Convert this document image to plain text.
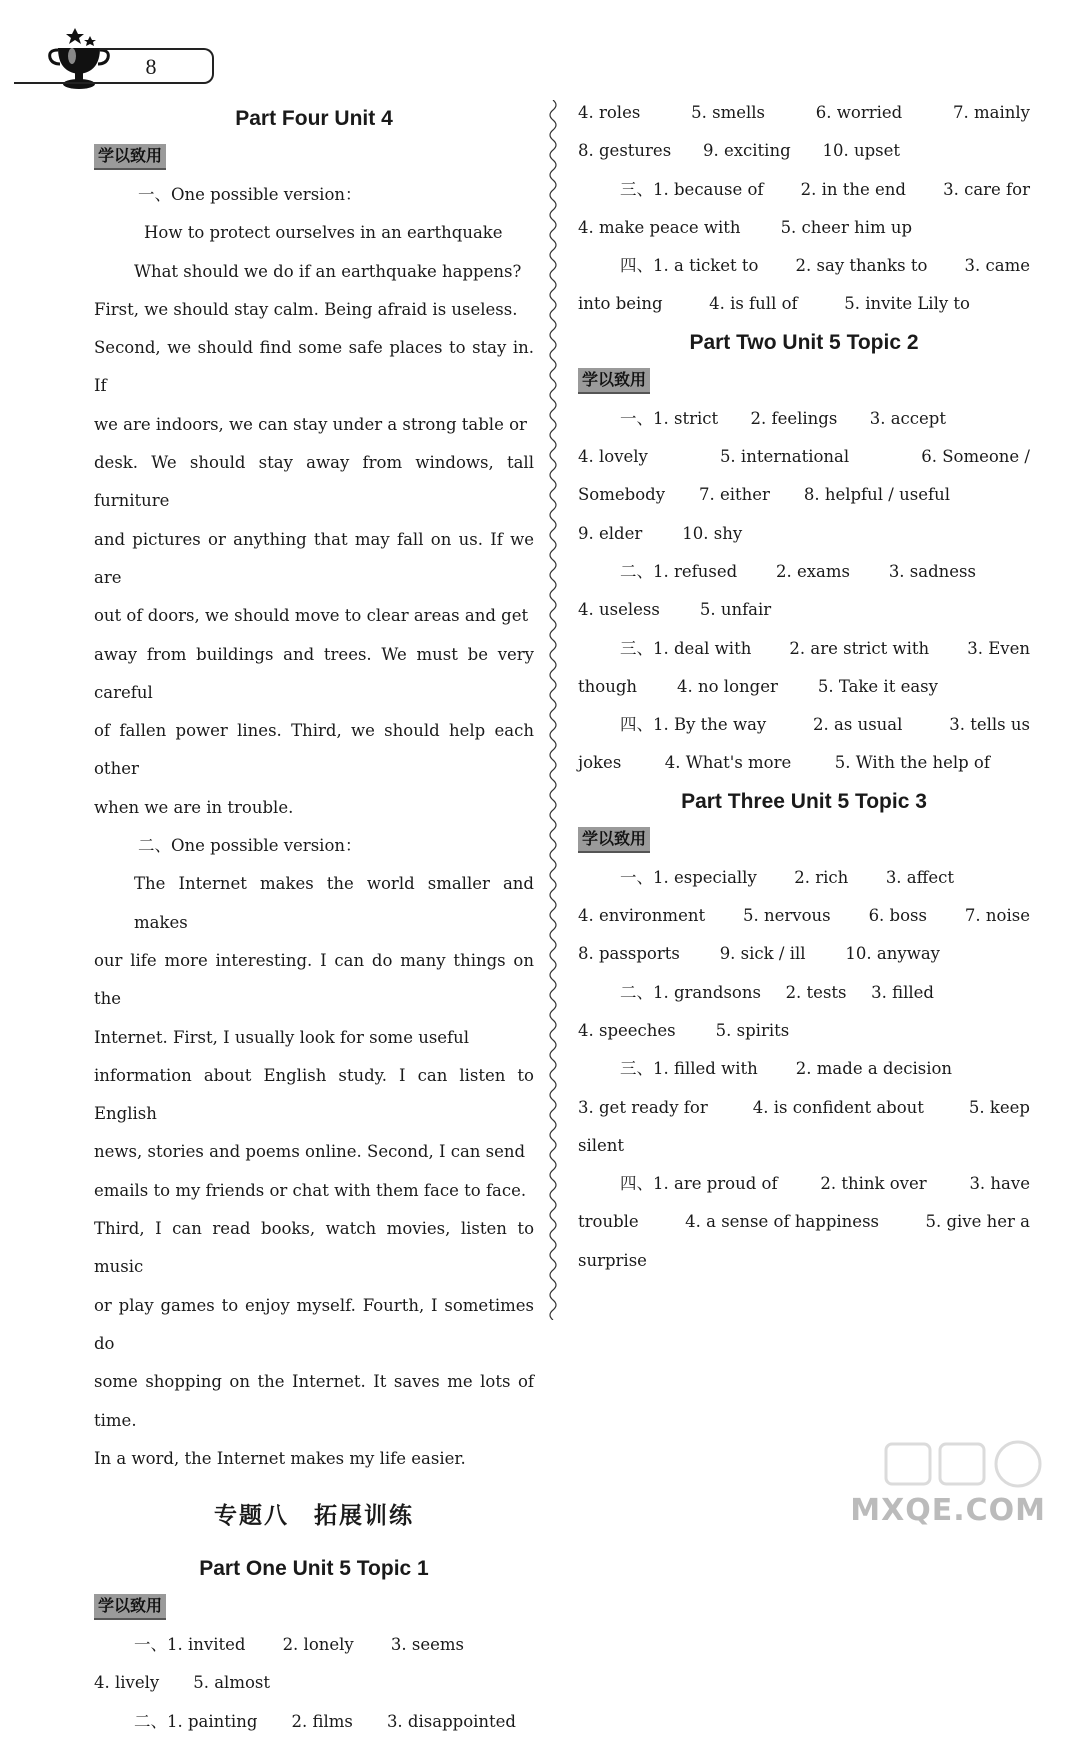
8
Part Four Unit 4
学以致用

一、One possible version：

How to protect ourselves in an earthquake

What should we do if an earthquake happens?

First, we should stay calm. Being afraid is useless.

Second, we should find some safe places to stay in. If

we are indoors, we can stay under a strong table or

desk. We should stay away from windows, tall furniture

and pictures or anything that may fall on us. If we are

out of doors, we should move to clear areas and get

away from buildings and trees. We must be very careful

of fallen power lines. Third, we should help each other

when we are in trouble.

二、One possible version：

The Internet makes the world smaller and makes

our life more interesting. I can do many things on the

Internet. First, I usually look for some useful

information about English study. I can listen to English

news, stories and poems online. Second, I can send

emails to my friends or chat with them face to face.

Third, I can read books, watch movies, listen to music

or play games to enjoy myself. Fourth, I sometimes do

some shopping on the Internet. It saves me lots of time.

In a word, the Internet makes my life easier.

专题八　拓展训练
Part One Unit 5 Topic 1
学以致用
一、1. invited 2. lonely 3. seems
4. lively 5. almost
二、1. painting 2. films 3. disappointed
4. roles	5. smells	6. worried	7. mainly
8. gestures 9. exciting 10. upset
三、1. because of 2. in the end 3. care for
4. make peace with 5. cheer him up
四、1. a ticket to 2. say thanks to 3. came
into being	4. is full of	5. invite Lily to
Part Two Unit 5 Topic 2
学以致用
一、1. strict 2. feelings 3. accept
4. lovely	5. international	6. Someone /
Somebody 7. either 8. helpful / useful
9. elder 10. shy
二、1. refused 2. exams 3. sadness
4. useless 5. unfair
三、1. deal with 2. are strict with 3. Even
though 4. no longer 5. Take it easy
四、1. By the way	2. as usual	3. tells us
jokes	4. What's more	5. With the help of
Part Three Unit 5 Topic 3
学以致用
一、1. especially 2. rich 3. affect
4. environment 5. nervous 6. boss 7. noise
8. passports 9. sick / ill 10. anyway
二、1. grandsons 2. tests 3. filled
4. speeches 5. spirits
三、1. filled with 2. made a decision
3. get ready for	4. is confident about	5. keep
silent
四、1. are proud of	2. think over	3. have
trouble	4. a sense of happiness	5. give her a
surprise
MXQE.COM
